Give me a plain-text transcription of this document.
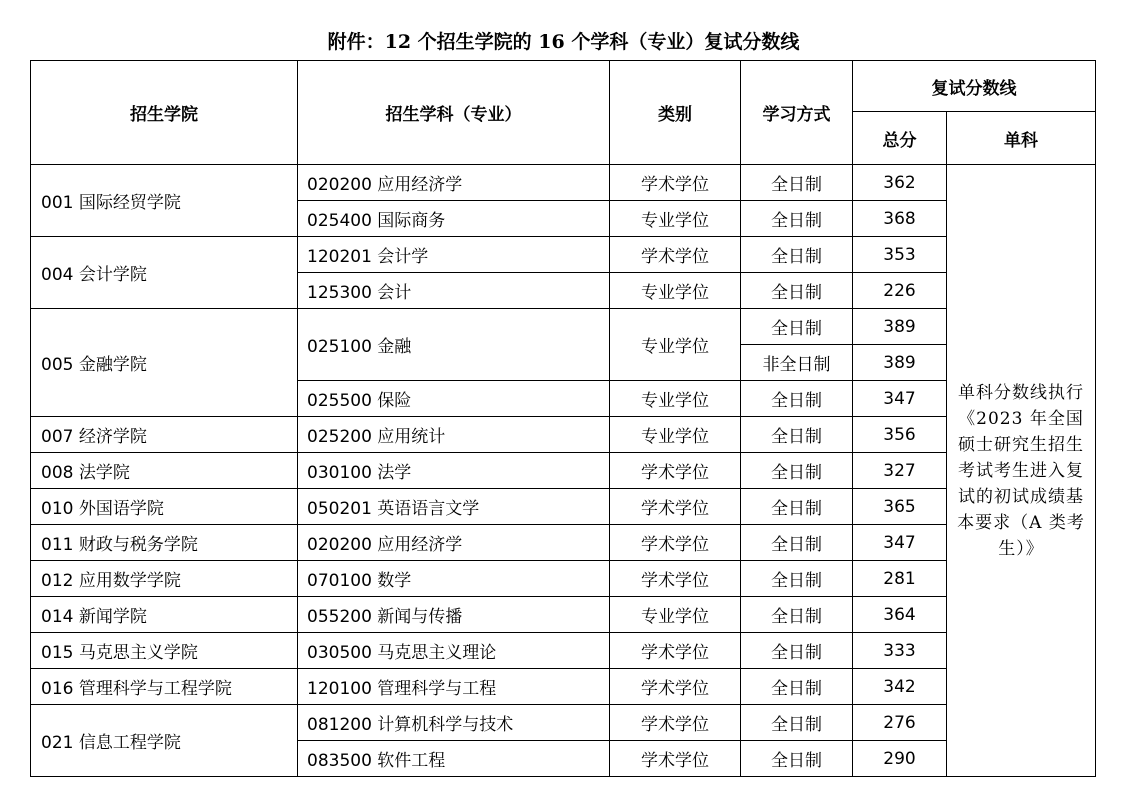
附件：12 个招生学院的 16 个学科（专业）复试分数线
招生学院	招生学科（专业）	类别	学习方式	复试分数线	
				总分	单科
001 国际经贸学院	020200 应用经济学	学术学位	全日制	362	单科分数线执行《2023 年全国硕士研究生招生考试考生进入复试的初试成绩基本要求（A 类考生）》
	025400 国际商务	专业学位	全日制	368	
004 会计学院	120201 会计学	学术学位	全日制	353	
	125300 会计	专业学位	全日制	226	
005 金融学院	025100 金融	专业学位	全日制	389	
			非全日制	389	
	025500 保险	专业学位	全日制	347	
007 经济学院	025200 应用统计	专业学位	全日制	356	
008 法学院	030100 法学	学术学位	全日制	327	
010 外国语学院	050201 英语语言文学	学术学位	全日制	365	
011 财政与税务学院	020200 应用经济学	学术学位	全日制	347	
012 应用数学学院	070100 数学	学术学位	全日制	281	
014 新闻学院	055200 新闻与传播	专业学位	全日制	364	
015 马克思主义学院	030500 马克思主义理论	学术学位	全日制	333	
016 管理科学与工程学院	120100 管理科学与工程	学术学位	全日制	342	
021 信息工程学院	081200 计算机科学与技术	学术学位	全日制	276	
	083500 软件工程	学术学位	全日制	290	
